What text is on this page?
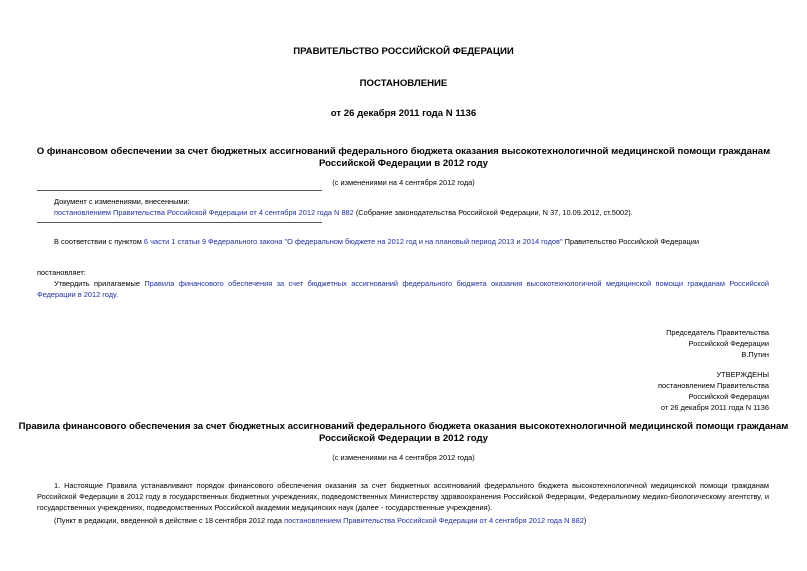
ПРАВИТЕЛЬСТВО РОССИЙСКОЙ ФЕДЕРАЦИИ
ПОСТАНОВЛЕНИЕ
от 26 декабря 2011 года N 1136
О финансовом обеспечении за счет бюджетных ассигнований федерального бюджета оказания высокотехнологичной медицинской помощи гражданам
Российской Федерации в 2012 году
(с изменениями на 4 сентября 2012 года)
Документ с изменениями, внесенными:
постановлением Правительства Российской Федерации от 4 сентября 2012 года N 882 (Собрание законодательства Российской Федерации, N 37, 10.09.2012, ст.5002).
В соответствии с пунктом 6 части 1 статьи 9 Федерального закона "О федеральном бюджете на 2012 год и на плановый период 2013 и 2014 годов" Правительство Российской Федерации
постановляет:
Утвердить прилагаемые Правила финансового обеспечения за счет бюджетных ассигнований федерального бюджета оказания высокотехнологичной медицинской помощи гражданам Российской Федерации в 2012 году.
Председатель Правительства
Российской Федерации
В.Путин
УТВЕРЖДЕНЫ
постановлением Правительства
Российской Федерации
от 26 декабря 2011 года N 1136
Правила финансового обеспечения за счет бюджетных ассигнований федерального бюджета оказания высокотехнологичной медицинской помощи гражданам
Российской Федерации в 2012 году
(с изменениями на 4 сентября 2012 года)
1. Настоящие Правила устанавливают порядок финансового обеспечения оказания за счет бюджетных ассигнований федерального бюджета высокотехнологичной медицинской помощи гражданам Российской Федерации в 2012 году в государственных бюджетных учреждениях, подведомственных Министерству здравоохранения Российской Федерации, Федеральному медико-биологическому агентству, и государственных учреждениях, подведомственных Российской академии медицинских наук (далее - государственные учреждения).
(Пункт в редакции, введенной в действие с 18 сентября 2012 года постановлением Правительства Российской Федерации от 4 сентября 2012 года N 882)
